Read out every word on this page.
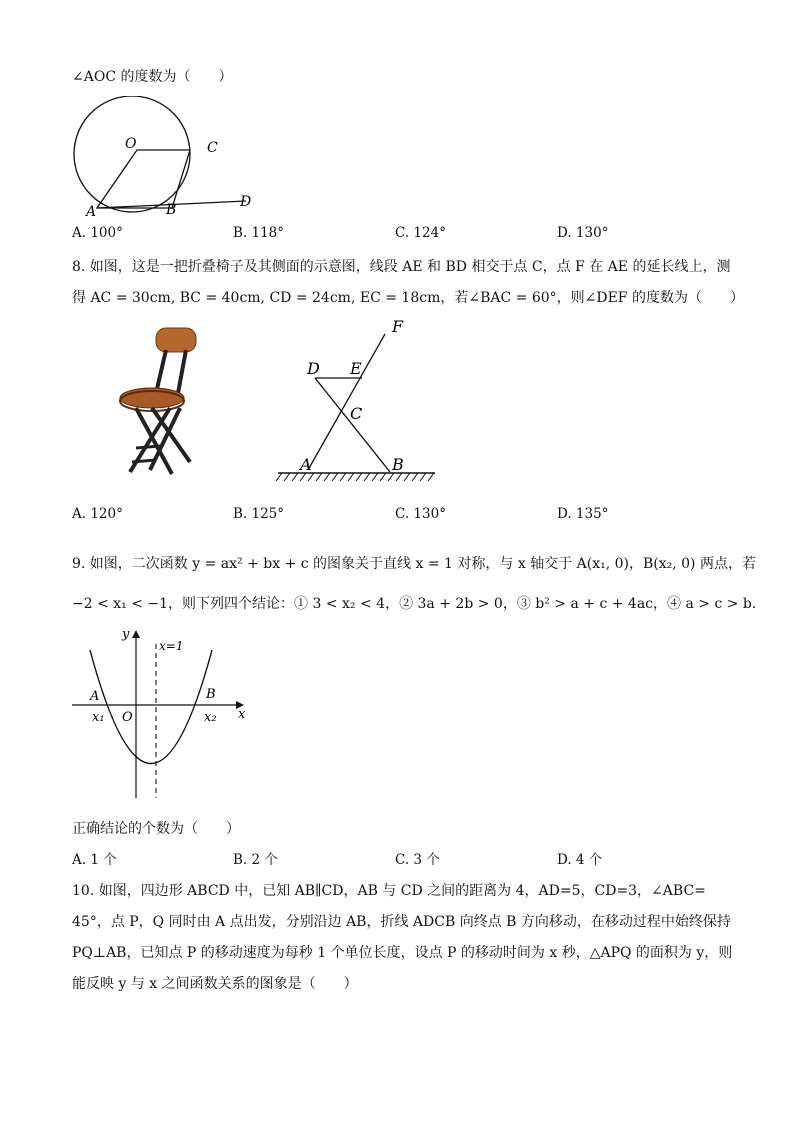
∠AOC 的度数为（　　）
O	C
A	B	D
A. 100°	B. 118°	C. 124°	D. 130°
8. 如图，这是一把折叠椅子及其侧面的示意图，线段 AE 和 BD 相交于点 C，点 F 在 AE 的延长线上，测
得 AC = 30cm, BC = 40cm, CD = 24cm, EC = 18cm，若∠BAC = 60°，则∠DEF 的度数为（　　）
F
D E
C
A	B
A. 120°	B. 125°	C. 130°	D. 135°
9. 如图，二次函数 y = ax² + bx + c 的图象关于直线 x = 1 对称，与 x 轴交于 A(x₁, 0)，B(x₂, 0) 两点，若
−2 < x₁ < −1，则下列四个结论：① 3 < x₂ < 4，② 3a + 2b > 0，③ b² > a + c + 4ac，④ a > c > b．
y
x
x=1
A	B
O
x₁	x₂
正确结论的个数为（　　）
A. 1 个	B. 2 个	C. 3 个	D. 4 个
10. 如图，四边形 ABCD 中，已知 AB∥CD，AB 与 CD 之间的距离为 4，AD=5，CD=3，∠ABC=
45°，点 P，Q 同时由 A 点出发，分别沿边 AB，折线 ADCB 向终点 B 方向移动，在移动过程中始终保持
PQ⊥AB，已知点 P 的移动速度为每秒 1 个单位长度，设点 P 的移动时间为 x 秒，△APQ 的面积为 y，则
能反映 y 与 x 之间函数关系的图象是（　　）
